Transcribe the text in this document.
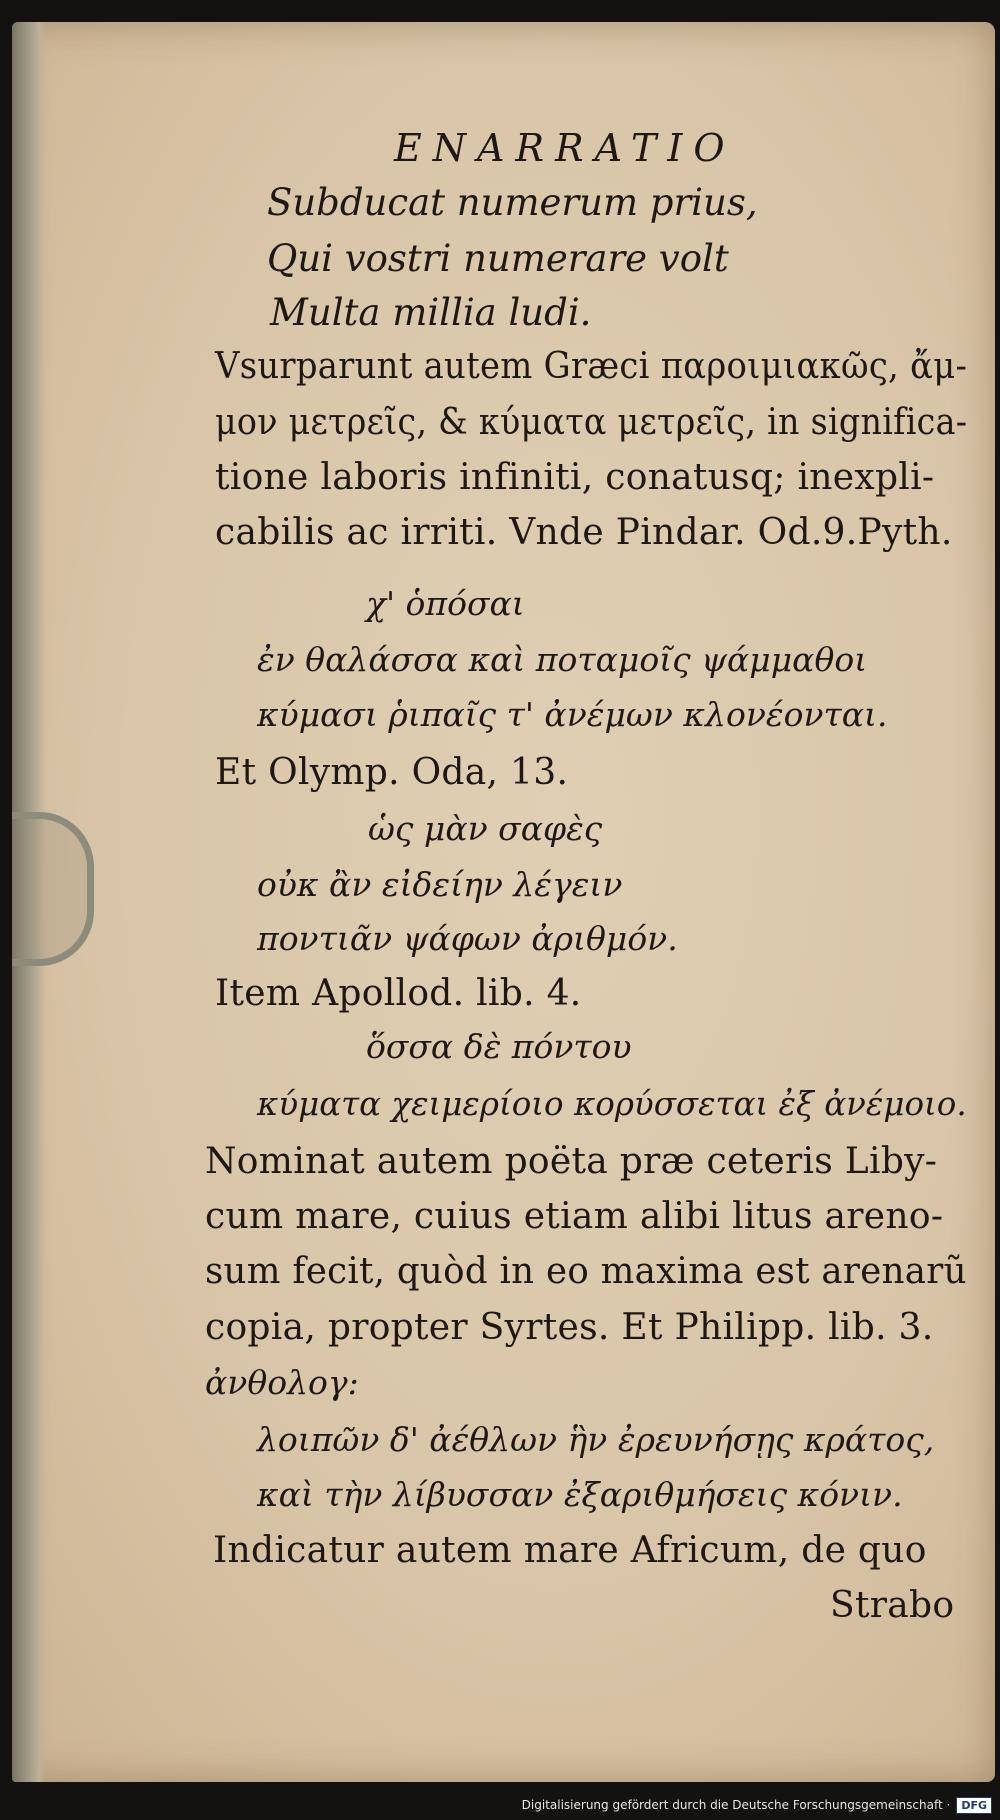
ENARRATIO
Subducat numerum prius,
Qui vostri numerare volt
Multa millia ludi.
Vsurparunt autem Græci παροιμιακῶς, ἄμ-
μον μετρεῖς, & κύματα μετρεῖς, in significa-
tione laboris infiniti, conatusq; inexpli-
cabilis ac irriti. Vnde Pindar. Od.9.Pyth.
χ' ὁπόσαι
ἐν θαλάσσα καὶ ποταμοῖς ψάμμαθοι
κύμασι ῥιπαῖς τ' ἀνέμων κλονέονται.
Et Olymp. Oda, 13.
ὡς μὰν σαφὲς
οὐκ ἂν εἰδείην λέγειν
ποντιᾶν ψάφων ἀριθμόν.
Item Apollod. lib. 4.
ὅσσα δὲ πόντου
κύματα χειμερίοιο κορύσσεται ἐξ ἀνέμοιο.
Nominat autem poëta præ ceteris Liby-
cum mare, cuius etiam alibi litus areno-
sum fecit, quòd in eo maxima est arenarũ
copia, propter Syrtes. Et Philipp. lib. 3.
ἀνθολογ:
λοιπῶν δ' ἀέθλων ἣν ἐρευνήσῃς κράτος,
καὶ τὴν λίβυσσαν ἐξαριθμήσεις κόνιν.
Indicatur autem mare Africum, de quo
Strabo
Digitalisierung gefördert durch die Deutsche Forschungsgemeinschaft ·	DFG
